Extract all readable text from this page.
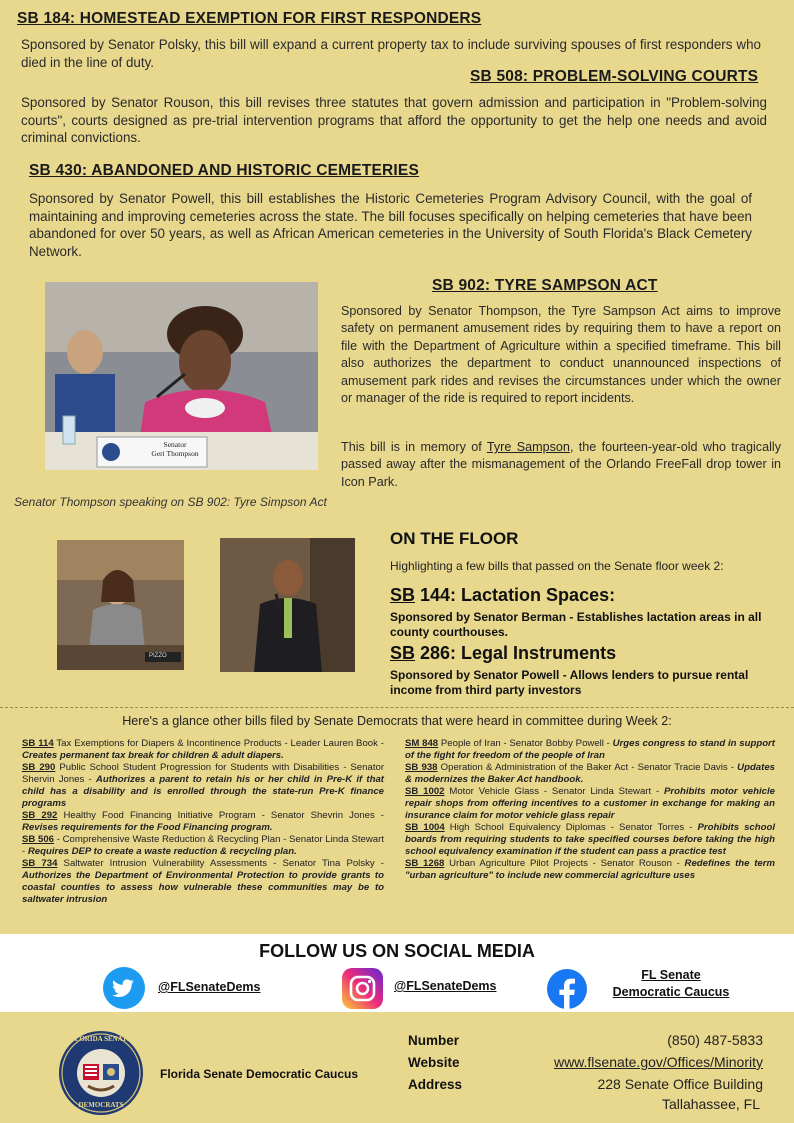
SB 184: HOMESTEAD EXEMPTION FOR FIRST RESPONDERS
Sponsored by Senator Polsky, this bill will expand a current property tax to include surviving spouses of first responders who died in the line of duty.
SB 508: PROBLEM-SOLVING COURTS
Sponsored by Senator Rouson, this bill revises three statutes that govern admission and participation in "Problem-solving courts", courts designed as pre-trial intervention programs that afford the opportunity to get the help one needs and avoid criminal convictions.
SB 430: ABANDONED AND HISTORIC CEMETERIES
Sponsored by Senator Powell, this bill establishes the Historic Cemeteries Program Advisory Council, with the goal of maintaining and improving cemeteries across the state. The bill focuses specifically on helping cemeteries that have been abandoned for over 50 years, as well as African American cemeteries in the University of South Florida's Black Cemetery Network.
Senator
Geri Thompson
SB 902: TYRE SAMPSON ACT
Sponsored by Senator Thompson, the Tyre Sampson Act aims to improve safety on permanent amusement rides by requiring them to have a report on file with the Department of Agriculture within a specified timeframe. This bill also authorizes the department to conduct unannounced inspections of amusement park rides and revises the circumstances under which the owner or manager of the ride is required to report incidents.
This bill is in memory of Tyre Sampson, the fourteen-year-old who tragically passed away after the mismanagement of the Orlando FreeFall drop tower in Icon Park.
Senator Thompson speaking on SB 902: Tyre Simpson Act
PIZZO
ON THE FLOOR
Highlighting a few bills that passed on the Senate floor week 2:
SB 144: Lactation Spaces:
Sponsored by Senator Berman - Establishes lactation areas in all county courthouses.
SB 286: Legal Instruments
Sponsored by Senator Powell - Allows lenders to pursue rental income from third party investors
Here's a glance other bills filed by Senate Democrats that were heard in committee during Week 2:
SB 114 Tax Exemptions for Diapers & Incontinence Products - Leader Lauren Book - Creates permanent tax break for children & adult diapers.
SB 290 Public School Student Progression for Students with Disabilities - Senator Shervin Jones - Authorizes a parent to retain his or her child in Pre-K if that child has a disability and is enrolled through the state-run Pre-K finance programs
SB 292 Healthy Food Financing Initiative Program - Senator Shevrin Jones - Revises requirements for the Food Financing program.
SB 506 - Comprehensive Waste Reduction & Recycling Plan - Senator Linda Stewart - Requires DEP to create a waste reduction & recycling plan.
SB 734 Saltwater Intrusion Vulnerability Assessments - Senator Tina Polsky - Authorizes the Department of Environmental Protection to provide grants to coastal counties to assess how vulnerable these communities may be to saltwater intrusion
SM 848 People of Iran - Senator Bobby Powell - Urges congress to stand in support of the fight for freedom of the people of Iran
SB 938 Operation & Administration of the Baker Act - Senator Tracie Davis - Updates & modernizes the Baker Act handbook.
SB 1002 Motor Vehicle Glass - Senator Linda Stewart - Prohibits motor vehicle repair shops from offering incentives to a customer in exchange for making an insurance claim for motor vehicle glass repair
SB 1004 High School Equivalency Diplomas - Senator Torres - Prohibits school boards from requiring students to take specified courses before taking the high school equivalency examination if the student can pass a practice test
SB 1268 Urban Agriculture Pilot Projects - Senator Rouson - Redefines the term "urban agriculture" to include new commercial agriculture uses
FOLLOW US ON SOCIAL MEDIA
@FLSenateDems	@FLSenateDems
FL Senate
Democratic Caucus
FLORIDA SENATE
DEMOCRATS
Florida Senate Democratic Caucus
Number
Website
Address
(850) 487-5833
www.flsenate.gov/Offices/Minority
228 Senate Office Building
Tallahassee, FL
